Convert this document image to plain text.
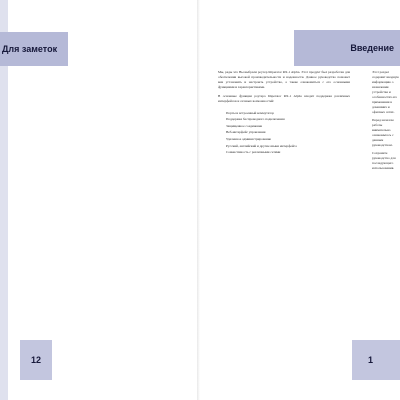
Для заметок
12
Введение

Мы, рады что Вы выбрали роутер Imperator RX-1 Alpha. Этот продукт был разработан для обеспечения высокой производительности и надежности. Данное руководство поможет вам установить и настроить устройство, а также ознакомиться с его основными функциями и характеристиками.

В основные функции роутера Imperator RX-1 Alpha входит поддержка различных интерфейсов и сетевых возможностей:

• Порты и встроенный коммутатор
• Поддержка беспроводного подключения
• Защищенное соединение
• Веб-интерфейс управления
• Удаленное администрирование
• Русский, английский и другие языки интерфейса
• Совместимость с различными сетями

Этот раздел содержит вводную информацию о назначении устройства и особенностях его применения в домашних и офисных сетях.

Перед началом работы внимательно ознакомьтесь с данным руководством.

Сохраните руководство для последующего использования.

1
